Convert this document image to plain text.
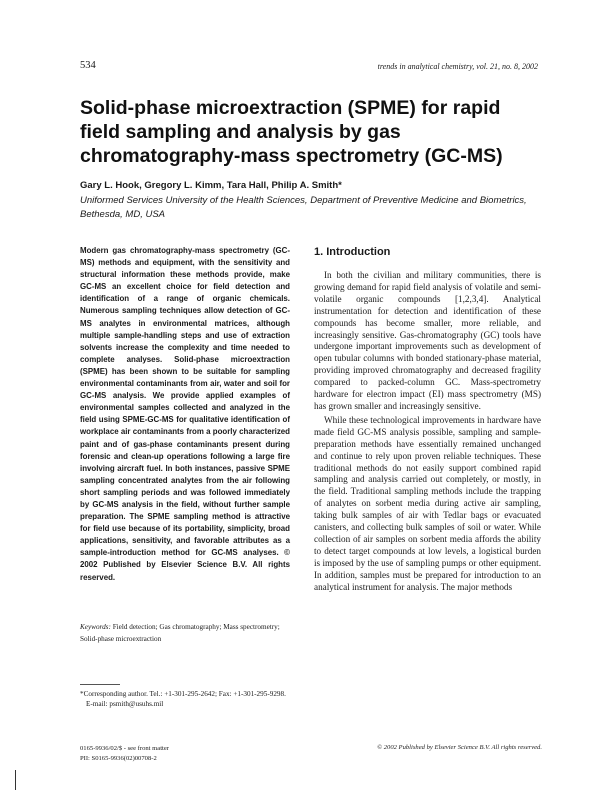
534	trends in analytical chemistry, vol. 21, no. 8, 2002
Solid-phase microextraction (SPME) for rapid field sampling and analysis by gas chromatography-mass spectrometry (GC-MS)
Gary L. Hook, Gregory L. Kimm, Tara Hall, Philip A. Smith*
Uniformed Services University of the Health Sciences, Department of Preventive Medicine and Biometrics, Bethesda, MD, USA
Modern gas chromatography-mass spectrometry (GC-MS) methods and equipment, with the sensitivity and structural information these methods provide, make GC-MS an excellent choice for field detection and identification of a range of organic chemicals. Numerous sampling techniques allow detection of GC-MS analytes in environmental matrices, although multiple sample-handling steps and use of extraction solvents increase the complexity and time needed to complete analyses. Solid-phase microextraction (SPME) has been shown to be suitable for sampling environmental contaminants from air, water and soil for GC-MS analysis. We provide applied examples of environmental samples collected and analyzed in the field using SPME-GC-MS for qualitative identification of workplace air contaminants from a poorly characterized paint and of gas-phase contaminants present during forensic and clean-up operations following a large fire involving aircraft fuel. In both instances, passive SPME sampling concentrated analytes from the air following short sampling periods and was followed immediately by GC-MS analysis in the field, without further sample preparation. The SPME sampling method is attractive for field use because of its portability, simplicity, broad applications, sensitivity, and favorable attributes as a sample-introduction method for GC-MS analyses. © 2002 Published by Elsevier Science B.V. All rights reserved.
Keywords: Field detection; Gas chromatography; Mass spectrometry; Solid-phase microextraction
*Corresponding author. Tel.: +1-301-295-2642; Fax: +1-301-295-9298.
E-mail: psmith@usuhs.mil
1. Introduction

In both the civilian and military communities, there is growing demand for rapid field analysis of volatile and semi-volatile organic compounds [1,2,3,4]. Analytical instrumentation for detection and identification of these compounds has become smaller, more reliable, and increasingly sensitive. Gas-chromatography (GC) tools have undergone important improvements such as development of open tubular columns with bonded stationary-phase material, providing improved chromatography and decreased fragility compared to packed-column GC. Mass-spectrometry hardware for electron impact (EI) mass spectrometry (MS) has grown smaller and increasingly sensitive.

While these technological improvements in hardware have made field GC-MS analysis possible, sampling and sample-preparation methods have essentially remained unchanged and continue to rely upon proven reliable techniques. These traditional methods do not easily support combined rapid sampling and analysis carried out completely, or mostly, in the field. Traditional sampling methods include the trapping of analytes on sorbent media during active air sampling, taking bulk samples of air with Tedlar bags or evacuated canisters, and collecting bulk samples of soil or water. While collection of air samples on sorbent media affords the ability to detect target compounds at low levels, a logistical burden is imposed by the use of sampling pumps or other equipment. In addition, samples must be prepared for introduction to an analytical instrument for analysis. The major methods

0165-9936/02/$ - see front matter
PII: S0165-9936(02)00708-2
© 2002 Published by Elsevier Science B.V. All rights reserved.
